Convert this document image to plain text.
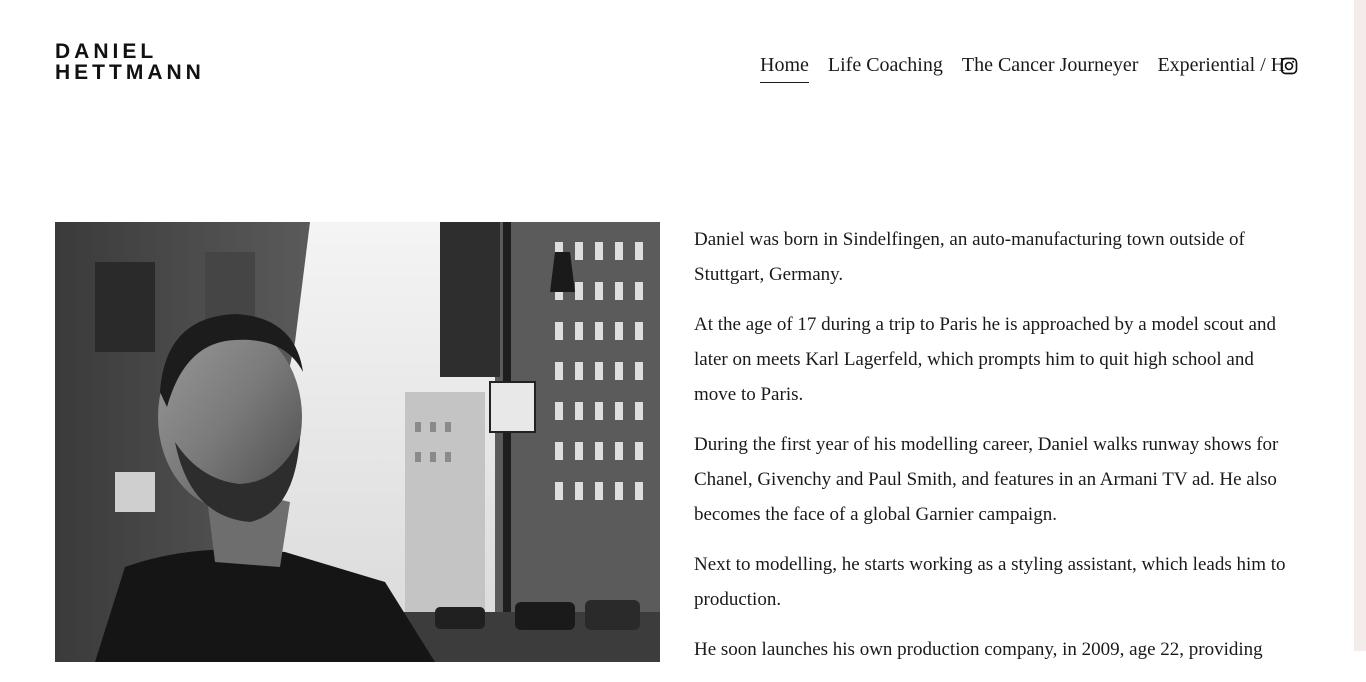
DANIEL
HETTMANN	Home Life Coaching The Cancer Journeyer Experiential / H

Daniel was born in Sindelfingen, an auto-manufacturing town outside of Stuttgart, Germany.

At the age of 17 during a trip to Paris he is approached by a model scout and later on meets Karl Lagerfeld, which prompts him to quit high school and move to Paris.

During the first year of his modelling career, Daniel walks runway shows for Chanel, Givenchy and Paul Smith, and features in an Armani TV ad. He also becomes the face of a global Garnier campaign.

Next to modelling, he starts working as a styling assistant, which leads him to production.

He soon launches his own production company, in 2009, age 22, providing
